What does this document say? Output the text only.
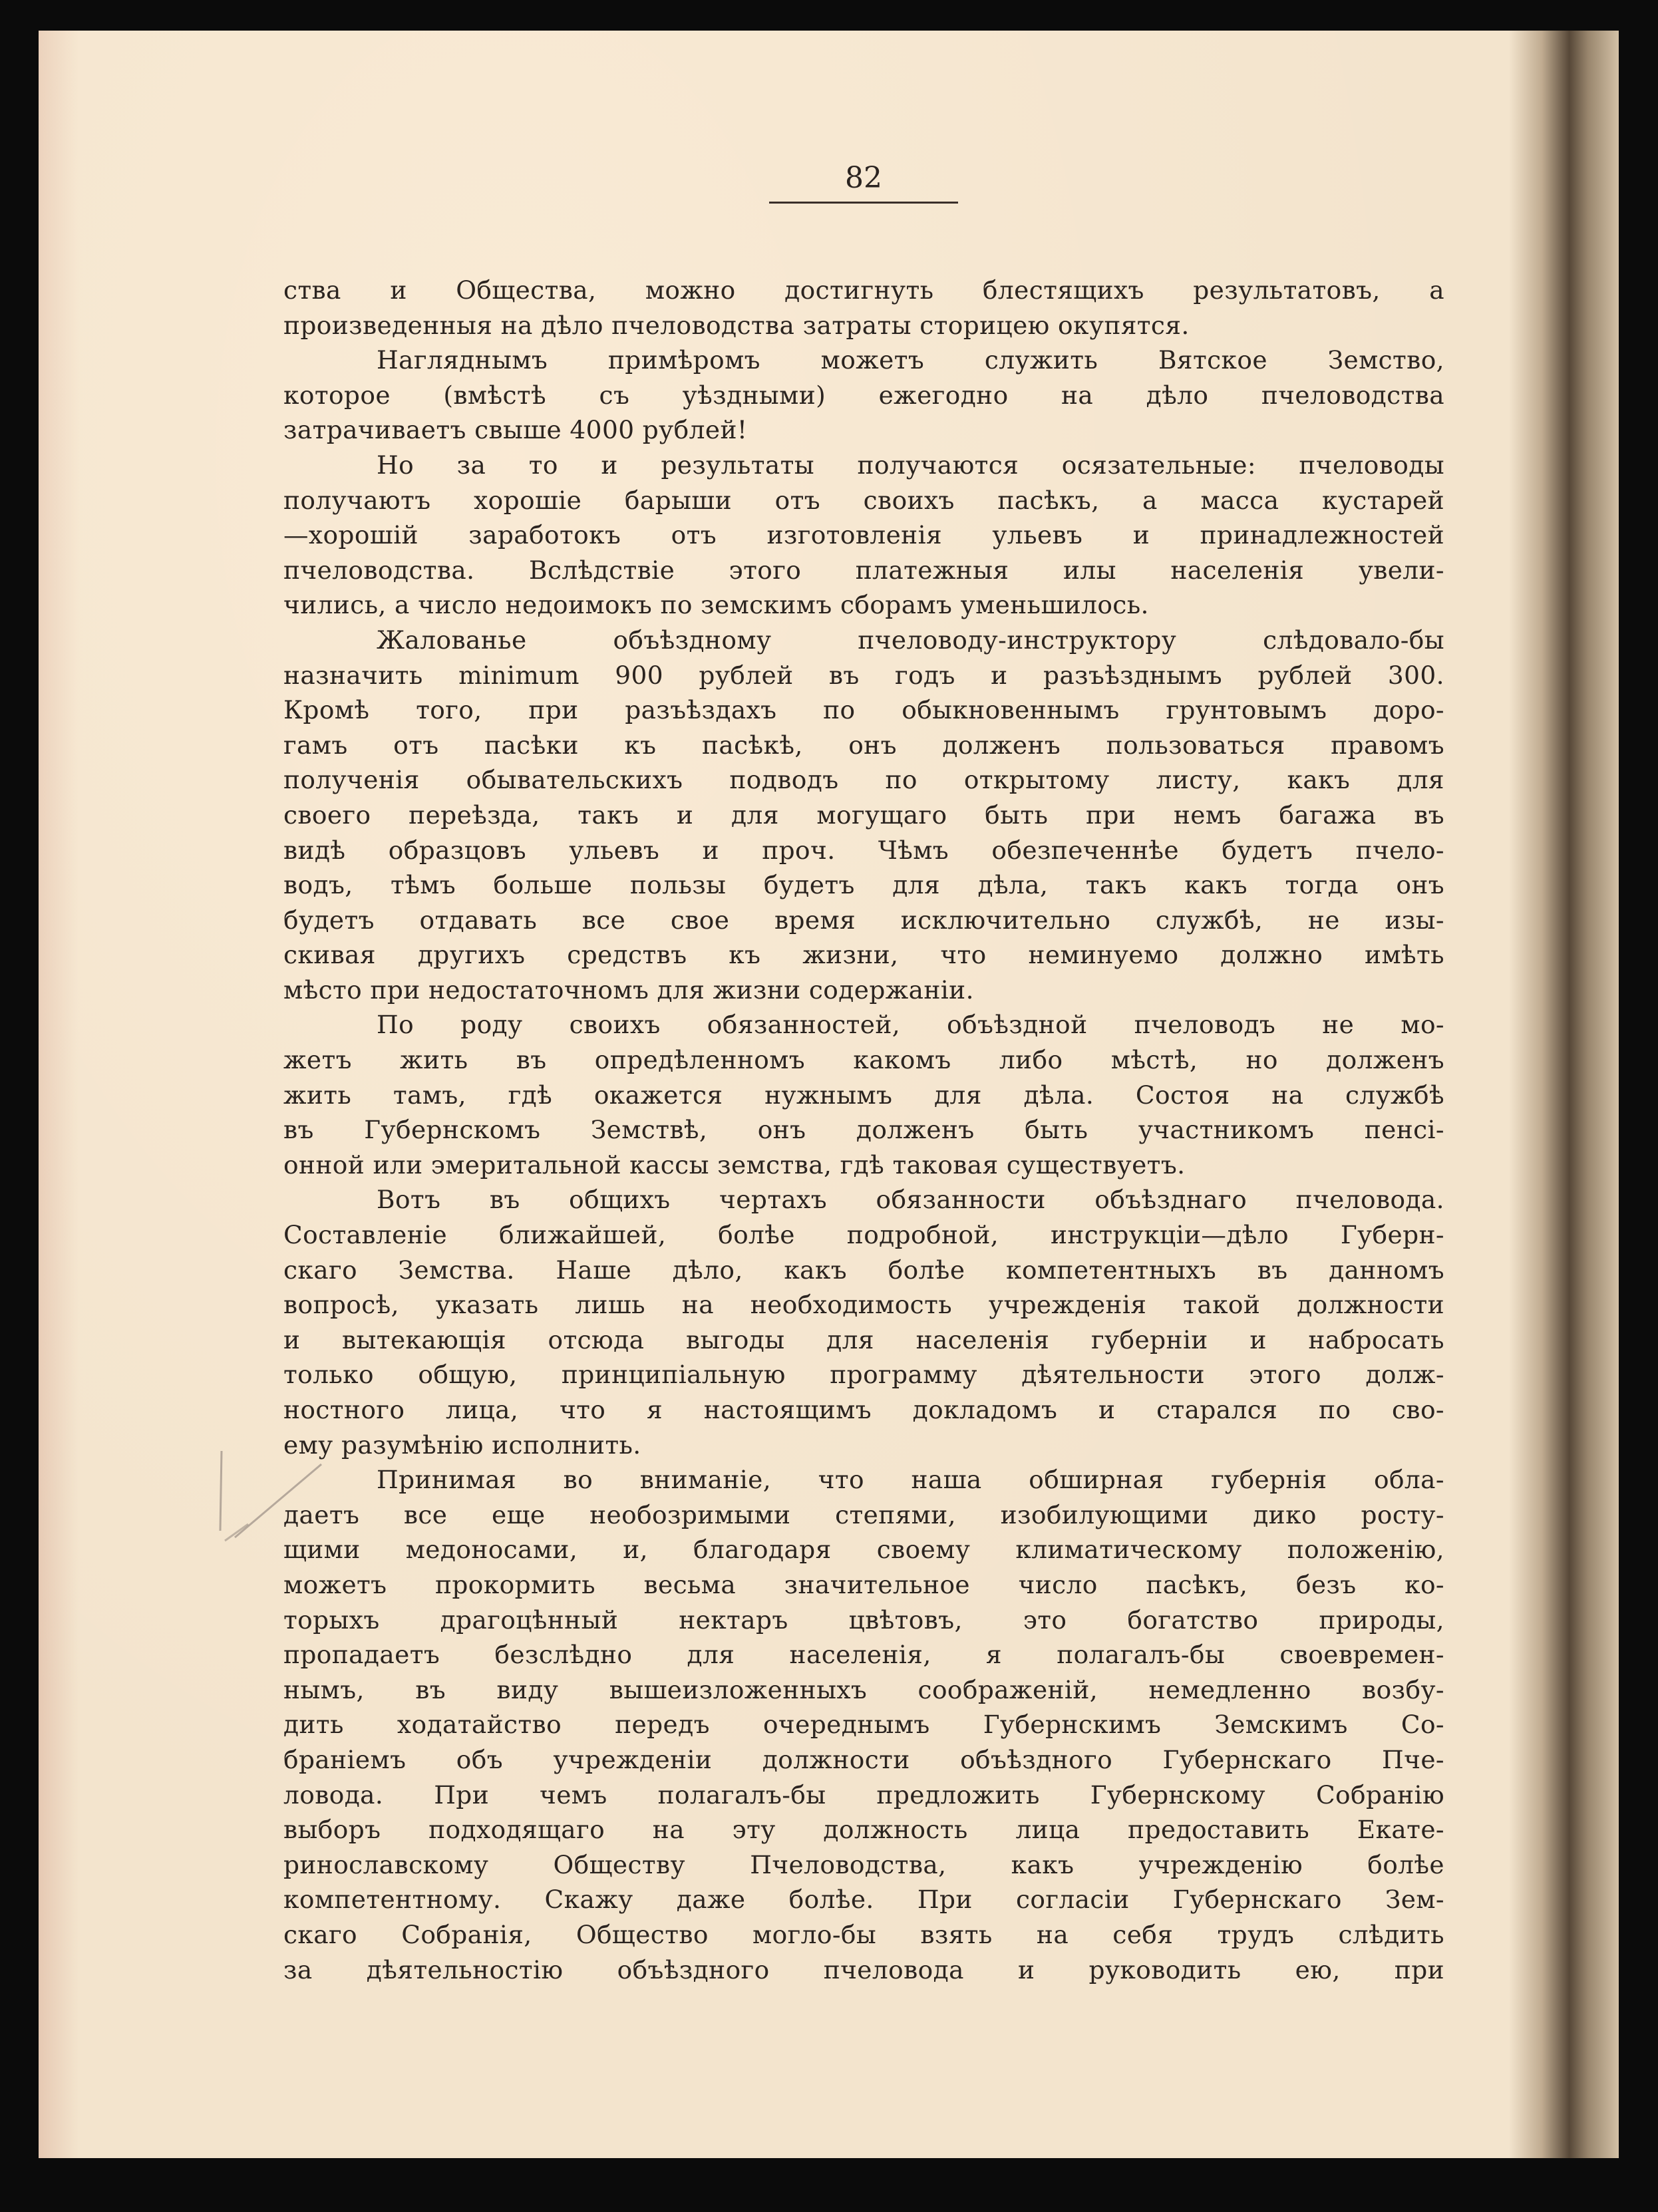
82
ства и Общества, можно достигнуть блестящихъ результатовъ, а
произведенныя на дѣло пчеловодства затраты сторицею окупятся.
Нагляднымъ примѣромъ можетъ служить Вятское Земство,
которое (вмѣстѣ съ уѣздными) ежегодно на дѣло пчеловодства
затрачиваетъ свыше 4000 рублей!
Но за то и результаты получаются осязательные: пчеловоды
получаютъ хорошіе барыши отъ своихъ пасѣкъ, а масса кустарей
—хорошій заработокъ отъ изготовленія ульевъ и принадлежностей
пчеловодства. Вслѣдствіе этого платежныя илы населенія увели-
чились, а число недоимокъ по земскимъ сборамъ уменьшилось.
Жалованье объѣздному пчеловоду-инструктору слѣдовало-бы
назначить minimum 900 рублей въ годъ и разъѣзднымъ рублей 300.
Кромѣ того, при разъѣздахъ по обыкновеннымъ грунтовымъ доро-
гамъ отъ пасѣки къ пасѣкѣ, онъ долженъ пользоваться правомъ
полученія обывательскихъ подводъ по открытому листу, какъ для
своего переѣзда, такъ и для могущаго быть при немъ багажа въ
видѣ образцовъ ульевъ и проч. Чѣмъ обезпеченнѣе будетъ пчело-
водъ, тѣмъ больше пользы будетъ для дѣла, такъ какъ тогда онъ
будетъ отдавать все свое время исключительно службѣ, не изы-
скивая другихъ средствъ къ жизни, что неминуемо должно имѣть
мѣсто при недостаточномъ для жизни содержаніи.
По роду своихъ обязанностей, объѣздной пчеловодъ не мо-
жетъ жить въ опредѣленномъ какомъ либо мѣстѣ, но долженъ
жить тамъ, гдѣ окажется нужнымъ для дѣла. Состоя на службѣ
въ Губернскомъ Земствѣ, онъ долженъ быть участникомъ пенсі-
онной или эмеритальной кассы земства, гдѣ таковая существуетъ.
Вотъ въ общихъ чертахъ обязанности объѣзднаго пчеловода.
Составленіе ближайшей, болѣе подробной, инструкціи—дѣло Губерн-
скаго Земства. Наше дѣло, какъ болѣе компетентныхъ въ данномъ
вопросѣ, указать лишь на необходимость учрежденія такой должности
и вытекающія отсюда выгоды для населенія губерніи и набросать
только общую, принципіальную программу дѣятельности этого долж-
ностного лица, что я настоящимъ докладомъ и старался по сво-
ему разумѣнію исполнить.
Принимая во вниманіе, что наша обширная губернія обла-
даетъ все еще необозримыми степями, изобилующими дико росту-
щими медоносами, и, благодаря своему климатическому положенію,
можетъ прокормить весьма значительное число пасѣкъ, безъ ко-
торыхъ драгоцѣнный нектаръ цвѣтовъ, это богатство природы,
пропадаетъ безслѣдно для населенія, я полагалъ-бы своевремен-
нымъ, въ виду вышеизложенныхъ соображеній, немедленно возбу-
дить ходатайство передъ очереднымъ Губернскимъ Земскимъ Со-
браніемъ объ учрежденіи должности объѣздного Губернскаго Пче-
ловода. При чемъ полагалъ-бы предложить Губернскому Собранію
выборъ подходящаго на эту должность лица предоставить Екате-
ринославскому Обществу Пчеловодства, какъ учрежденію болѣе
компетентному. Скажу даже болѣе. При согласіи Губернскаго Зем-
скаго Собранія, Общество могло-бы взять на себя трудъ слѣдить
за дѣятельностію объѣздного пчеловода и руководить ею, при
